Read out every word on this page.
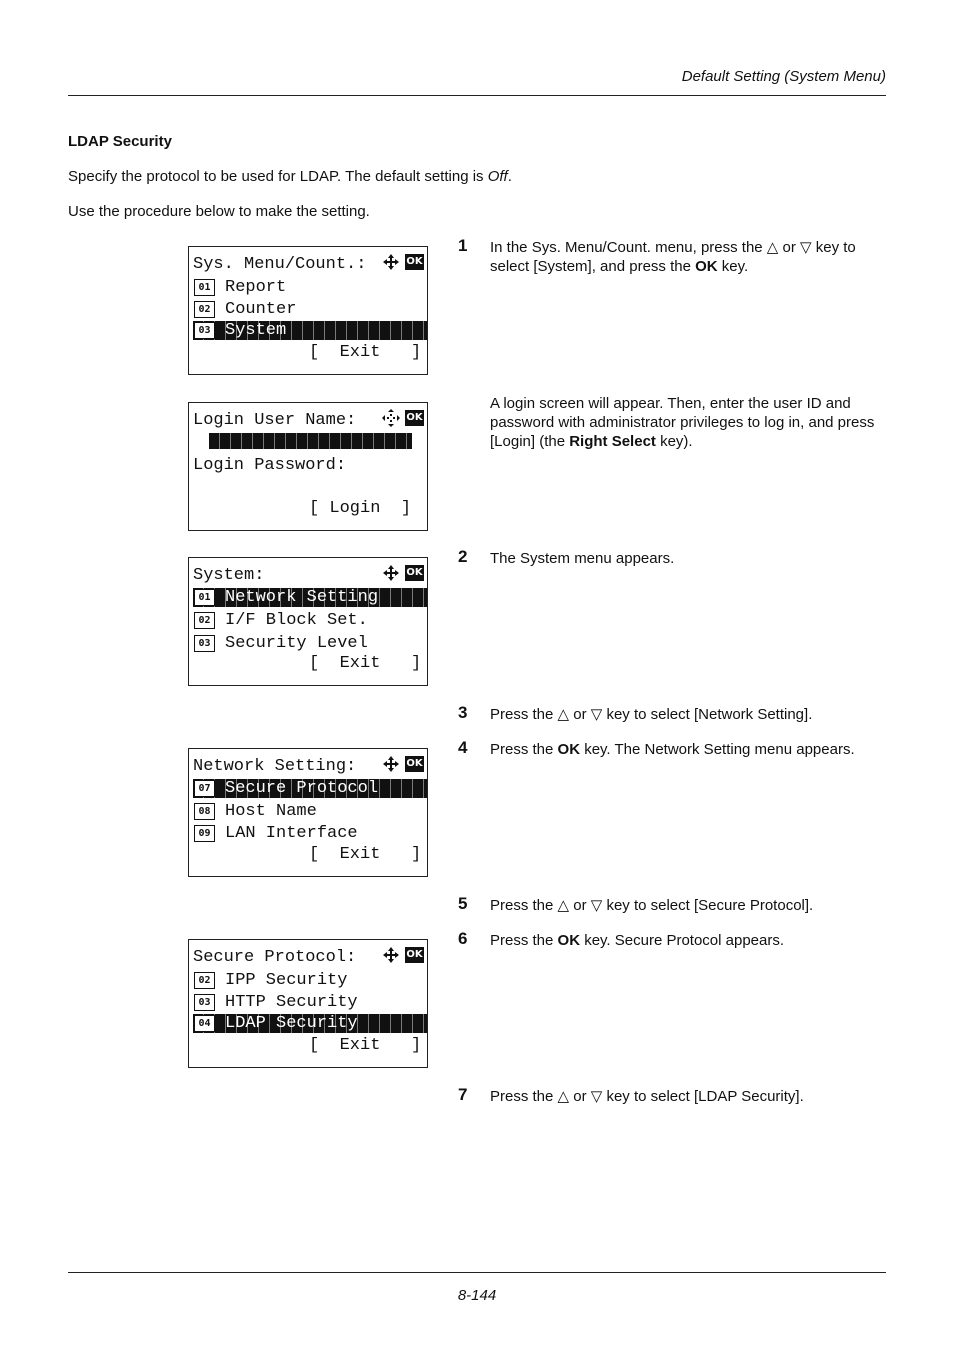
Default Setting (System Menu)
LDAP Security
Specify the protocol to be used for LDAP. The default setting is Off.
Use the procedure below to make the setting.
Sys. Menu/Count.:	OK
01 Report
02 Counter
03 System
[  Exit   ]
Login User Name:	OK
Login Password:
[ Login  ]
System:	OK
01 Network Setting
02 I/F Block Set.
03 Security Level
[  Exit   ]
Network Setting:	OK
07 Secure Protocol
08 Host Name
09 LAN Interface
[  Exit   ]
Secure Protocol:	OK
02 IPP Security
03 HTTP Security
04 LDAP Security
[  Exit   ]
1 In the Sys. Menu/Count. menu, press the △ or ▽ key to select [System], and press the OK key.
A login screen will appear. Then, enter the user ID and password with administrator privileges to log in, and press [Login] (the Right Select key).
2 The System menu appears.
3 Press the △ or ▽ key to select [Network Setting].
4 Press the OK key. The Network Setting menu appears.
5 Press the △ or ▽ key to select [Secure Protocol].
6 Press the OK key. Secure Protocol appears.
7 Press the △ or ▽ key to select [LDAP Security].
8-144
